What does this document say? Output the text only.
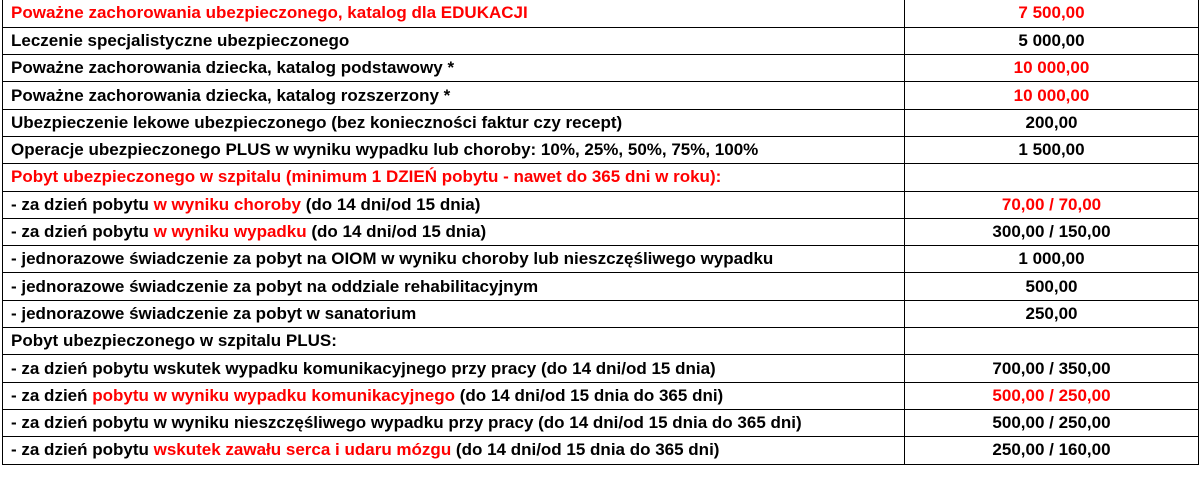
Poważne zachorowania ubezpieczonego, katalog dla EDUKACJI	7 500,00
Leczenie specjalistyczne ubezpieczonego	5 000,00
Poważne zachorowania dziecka, katalog podstawowy *	10 000,00
Poważne zachorowania dziecka, katalog rozszerzony *	10 000,00
Ubezpieczenie lekowe ubezpieczonego (bez konieczności faktur czy recept)	200,00
Operacje ubezpieczonego PLUS w wyniku wypadku lub choroby: 10%, 25%, 50%, 75%, 100%	1 500,00
Pobyt ubezpieczonego w szpitalu (minimum 1 DZIEŃ pobytu - nawet do 365 dni w roku):	
- za dzień pobytu w wyniku choroby (do 14 dni/od 15 dnia)	70,00 / 70,00
- za dzień pobytu w wyniku wypadku (do 14 dni/od 15 dnia)	300,00 / 150,00
- jednorazowe świadczenie za pobyt na OIOM w wyniku choroby lub nieszczęśliwego wypadku	1 000,00
- jednorazowe świadczenie za pobyt na oddziale rehabilitacyjnym	500,00
- jednorazowe świadczenie za pobyt w sanatorium	250,00
Pobyt ubezpieczonego w szpitalu PLUS:	
- za dzień pobytu wskutek wypadku komunikacyjnego przy pracy (do 14 dni/od 15 dnia)	700,00 / 350,00
- za dzień pobytu w wyniku wypadku komunikacyjnego (do 14 dni/od 15 dnia do 365 dni)	500,00 / 250,00
- za dzień pobytu w wyniku nieszczęśliwego wypadku przy pracy (do 14 dni/od 15 dnia do 365 dni)	500,00 / 250,00
- za dzień pobytu wskutek zawału serca i udaru mózgu (do 14 dni/od 15 dnia do 365 dni)	250,00 / 160,00
